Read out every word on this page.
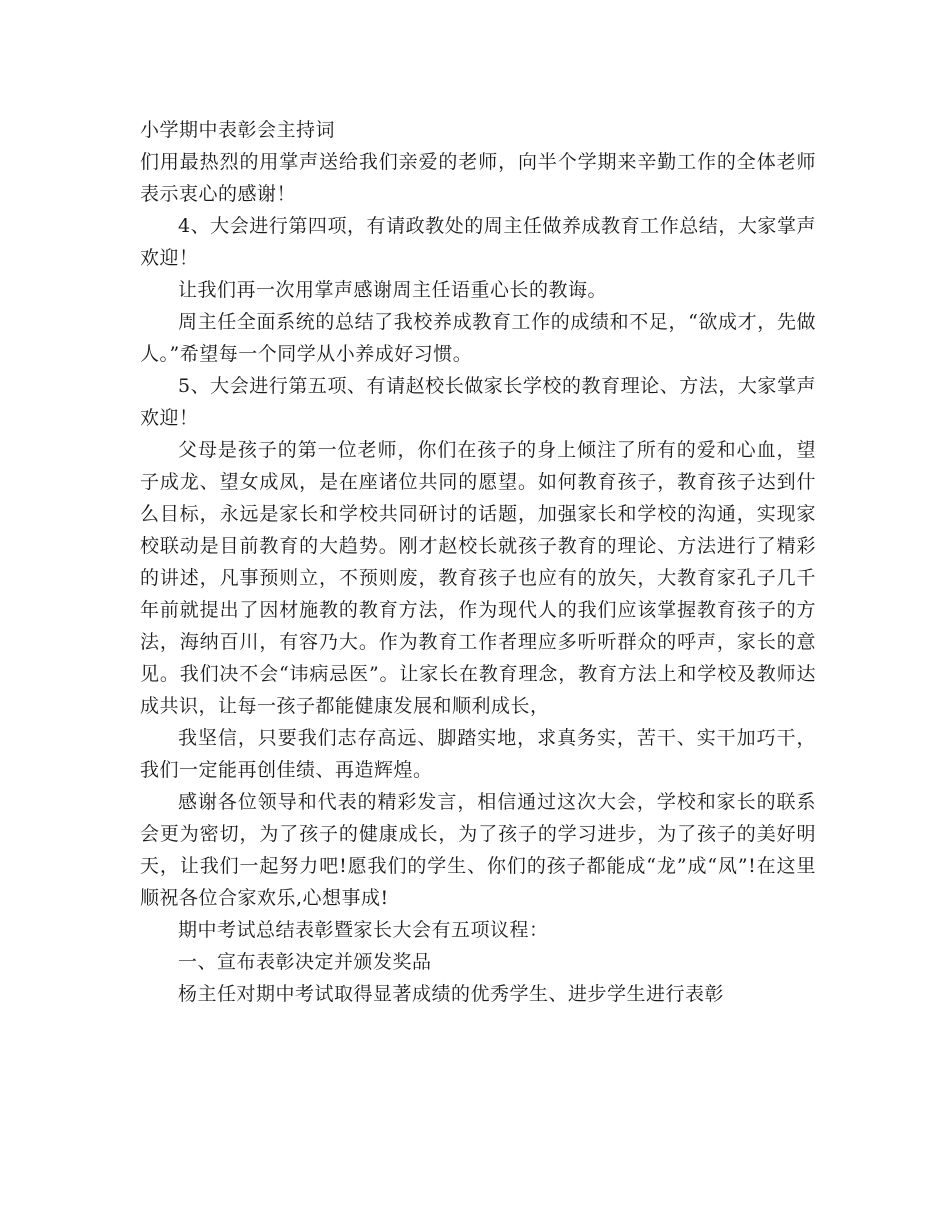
小学期中表彰会主持词

们用最热烈的用掌声送给我们亲爱的老师，向半个学期来辛勤工作的全体老师表示衷心的感谢！

4、大会进行第四项，有请政教处的周主任做养成教育工作总结，大家掌声欢迎！

让我们再一次用掌声感谢周主任语重心长的教诲。

周主任全面系统的总结了我校养成教育工作的成绩和不足，“欲成才，先做人。”希望每一个同学从小养成好习惯。

5、大会进行第五项、有请赵校长做家长学校的教育理论、方法，大家掌声欢迎！

父母是孩子的第一位老师，你们在孩子的身上倾注了所有的爱和心血，望子成龙、望女成凤，是在座诸位共同的愿望。如何教育孩子，教育孩子达到什么目标，永远是家长和学校共同研讨的话题，加强家长和学校的沟通，实现家校联动是目前教育的大趋势。刚才赵校长就孩子教育的理论、方法进行了精彩的讲述，凡事预则立，不预则废，教育孩子也应有的放矢，大教育家孔子几千年前就提出了因材施教的教育方法，作为现代人的我们应该掌握教育孩子的方法，海纳百川，有容乃大。作为教育工作者理应多听听群众的呼声，家长的意见。我们决不会“讳病忌医”。让家长在教育理念，教育方法上和学校及教师达成共识，让每一孩子都能健康发展和顺利成长，

我坚信，只要我们志存高远、脚踏实地，求真务实，苦干、实干加巧干，我们一定能再创佳绩、再造辉煌。

感谢各位领导和代表的精彩发言，相信通过这次大会，学校和家长的联系会更为密切，为了孩子的健康成长，为了孩子的学习进步，为了孩子的美好明天，让我们一起努力吧!愿我们的学生、你们的孩子都能成“龙”成“凤”!在这里顺祝各位合家欢乐,心想事成!

期中考试总结表彰暨家长大会有五项议程：

一、宣布表彰决定并颁发奖品

杨主任对期中考试取得显著成绩的优秀学生、进步学生进行表彰
